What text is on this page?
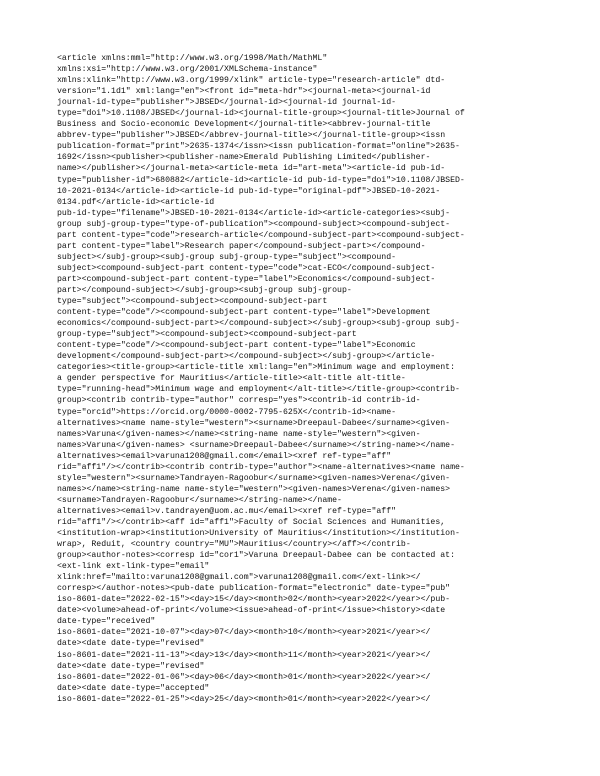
<article xmlns:mml="http://www.w3.org/1998/Math/MathML"
xmlns:xsi="http://www.w3.org/2001/XMLSchema-instance"
xmlns:xlink="http://www.w3.org/1999/xlink" article-type="research-article" dtd-
version="1.1d1" xml:lang="en"><front id="meta-hdr"><journal-meta><journal-id
journal-id-type="publisher">JBSED</journal-id><journal-id journal-id-
type="doi">10.1108/JBSED</journal-id><journal-title-group><journal-title>Journal of
Business and Socio-economic Development</journal-title><abbrev-journal-title
abbrev-type="publisher">JBSED</abbrev-journal-title></journal-title-group><issn
publication-format="print">2635-1374</issn><issn publication-format="online">2635-
1692</issn><publisher><publisher-name>Emerald Publishing Limited</publisher-
name></publisher></journal-meta><article-meta id="art-meta"><article-id pub-id-
type="publisher-id">680882</article-id><article-id pub-id-type="doi">10.1108/JBSED-
10-2021-0134</article-id><article-id pub-id-type="original-pdf">JBSED-10-2021-
0134.pdf</article-id><article-id
pub-id-type="filename">JBSED-10-2021-0134</article-id><article-categories><subj-
group subj-group-type="type-of-publication"><compound-subject><compound-subject-
part content-type="code">research-article</compound-subject-part><compound-subject-
part content-type="label">Research paper</compound-subject-part></compound-
subject></subj-group><subj-group subj-group-type="subject"><compound-
subject><compound-subject-part content-type="code">cat-ECO</compound-subject-
part><compound-subject-part content-type="label">Economics</compound-subject-
part></compound-subject></subj-group><subj-group subj-group-
type="subject"><compound-subject><compound-subject-part
content-type="code"/><compound-subject-part content-type="label">Development
economics</compound-subject-part></compound-subject></subj-group><subj-group subj-
group-type="subject"><compound-subject><compound-subject-part
content-type="code"/><compound-subject-part content-type="label">Economic
development</compound-subject-part></compound-subject></subj-group></article-
categories><title-group><article-title xml:lang="en">Minimum wage and employment:
a gender perspective for Mauritius</article-title><alt-title alt-title-
type="running-head">Minimum wage and employment</alt-title></title-group><contrib-
group><contrib contrib-type="author" corresp="yes"><contrib-id contrib-id-
type="orcid">https://orcid.org/0000-0002-7795-625X</contrib-id><name-
alternatives><name name-style="western"><surname>Dreepaul-Dabee</surname><given-
names>Varuna</given-names></name><string-name name-style="western"><given-
names>Varuna</given-names> <surname>Dreepaul-Dabee</surname></string-name></name-
alternatives><email>varuna1208@gmail.com</email><xref ref-type="aff"
rid="aff1"/></contrib><contrib contrib-type="author"><name-alternatives><name name-
style="western"><surname>Tandrayen-Ragoobur</surname><given-names>Verena</given-
names></name><string-name name-style="western"><given-names>Verena</given-names>
<surname>Tandrayen-Ragoobur</surname></string-name></name-
alternatives><email>v.tandrayen@uom.ac.mu</email><xref ref-type="aff"
rid="aff1"/></contrib><aff id="aff1">Faculty of Social Sciences and Humanities,
<institution-wrap><institution>University of Mauritius</institution></institution-
wrap>, Reduit, <country country="MU">Mauritius</country></aff></contrib-
group><author-notes><corresp id="cor1">Varuna Dreepaul-Dabee can be contacted at:
<ext-link ext-link-type="email"
xlink:href="mailto:varuna1208@gmail.com">varuna1208@gmail.com</ext-link></
corresp></author-notes><pub-date publication-format="electronic" date-type="pub"
iso-8601-date="2022-02-15"><day>15</day><month>02</month><year>2022</year></pub-
date><volume>ahead-of-print</volume><issue>ahead-of-print</issue><history><date
date-type="received"
iso-8601-date="2021-10-07"><day>07</day><month>10</month><year>2021</year></
date><date date-type="revised"
iso-8601-date="2021-11-13"><day>13</day><month>11</month><year>2021</year></
date><date date-type="revised"
iso-8601-date="2022-01-06"><day>06</day><month>01</month><year>2022</year></
date><date date-type="accepted"
iso-8601-date="2022-01-25"><day>25</day><month>01</month><year>2022</year></
